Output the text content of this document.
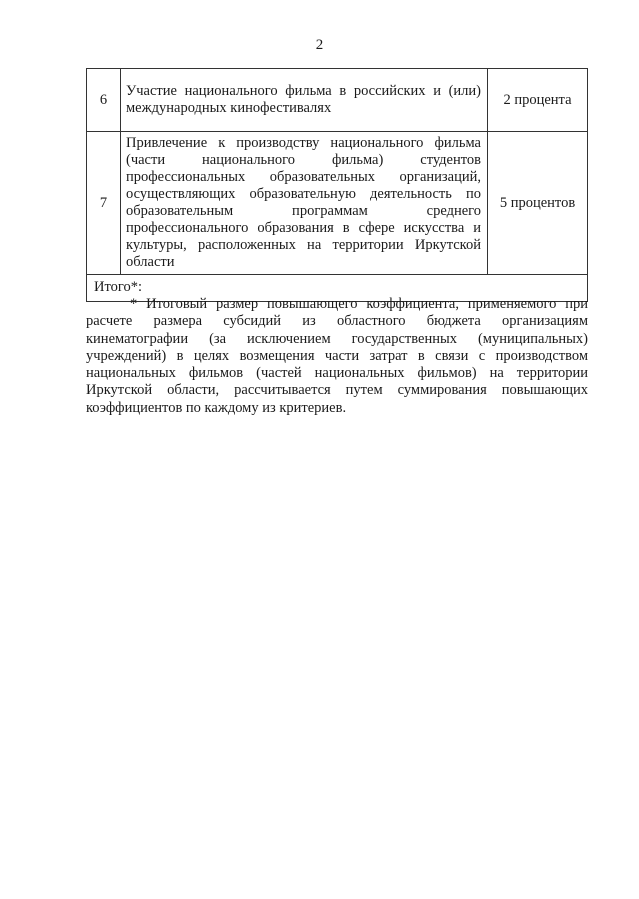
2
6	Участие национального фильма в российских и (или) международных кинофестивалях	2 процента
7	Привлечение к производству национального фильма (части национального фильма) студентов профессиональных образовательных организаций, осуществляющих образовательную деятельность по образовательным программам среднего профессионального образования в сфере искусства и культуры, расположенных на территории Иркутской области	5 процентов
Итого*:		
* Итоговый размер повышающего коэффициента, применяемого при расчете размера субсидий из областного бюджета организациям кинематографии (за исключением государственных (муниципальных) учреждений) в целях возмещения части затрат в связи с производством национальных фильмов (частей национальных фильмов) на территории Иркутской области, рассчитывается путем суммирования повышающих коэффициентов по каждому из критериев.
